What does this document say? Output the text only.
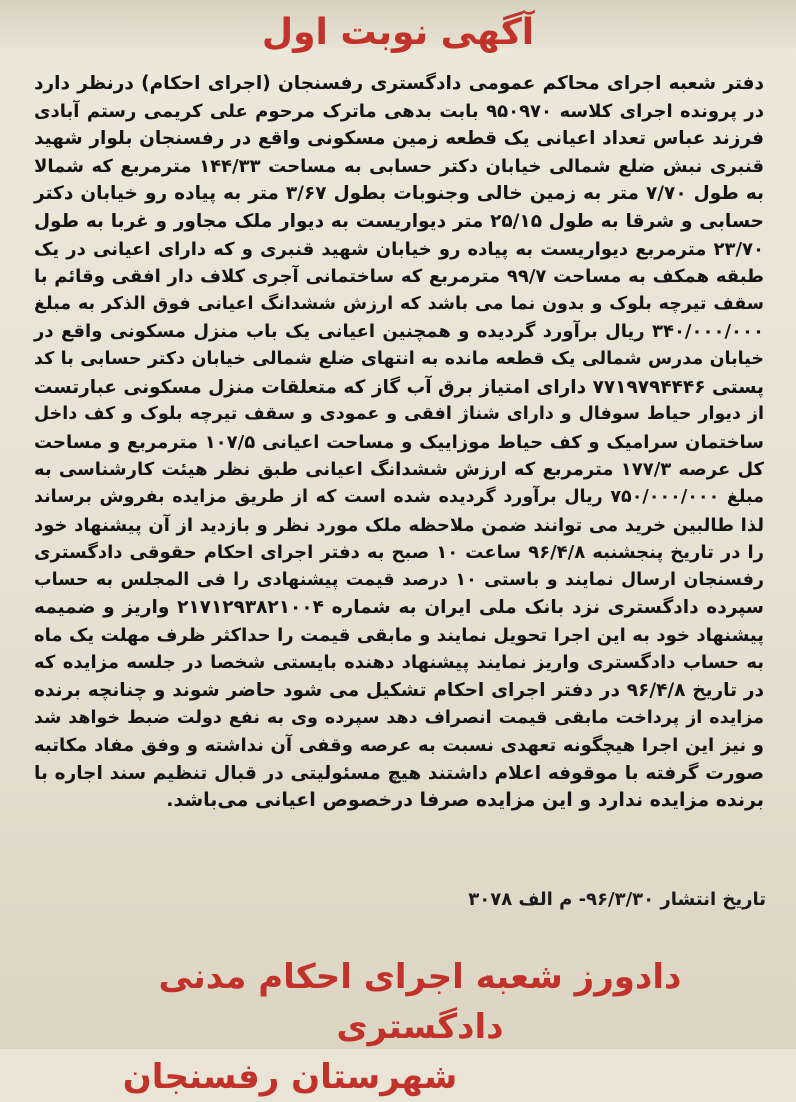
آگهی نوبت اول
دفتر شعبه اجرای محاکم عمومی دادگستری رفسنجان (اجرای احکام) درنظر دارد
در پرونده اجرای کلاسه ۹۵۰۹۷۰ بابت بدهی ماترک مرحوم علی کریمی رستم آبادی
فرزند عباس تعداد اعیانی یک قطعه زمین مسکونی واقع در رفسنجان بلوار شهید
قنبری نبش ضلع شمالی خیابان دکتر حسابی به مساحت ۱۴۴/۳۳ مترمربع که شمالا
به طول ۷/۷۰ متر به زمین خالی وجنوبات بطول ۳/۶۷ متر به پیاده رو خیابان دکتر
حسابی و شرقا به طول ۲۵/۱۵ متر دیواریست به دیوار ملک مجاور و غربا به طول
۲۳/۷۰ مترمربع دیواریست به پیاده رو خیابان شهید قنبری و که دارای اعیانی در یک
طبقه همکف به مساحت ۹۹/۷ مترمربع که ساختمانی آجری کلاف دار افقی وقائم با
سقف تیرچه بلوک و بدون نما می باشد که ارزش ششدانگ اعیانی فوق الذکر به مبلغ
۳۴۰/۰۰۰/۰۰۰ ریال برآورد گردیده و همچنین اعیانی یک باب منزل مسکونی واقع در
خیابان مدرس شمالی یک قطعه مانده به انتهای ضلع شمالی خیابان دکتر حسابی با کد
پستی ۷۷۱۹۷۹۴۴۴۶ دارای امتیاز برق آب گاز که متعلقات منزل مسکونی عبارتست
از دیوار حیاط سوفال و دارای شناژ افقی و عمودی و سقف تیرچه بلوک و کف داخل
ساختمان سرامیک و کف حیاط موزاییک و مساحت اعیانی ۱۰۷/۵ مترمربع و مساحت
کل عرصه ۱۷۷/۳ مترمربع که ارزش ششدانگ اعیانی طبق نظر هیئت کارشناسی به
مبلغ ۷۵۰/۰۰۰/۰۰۰ ریال برآورد گردیده شده است که از طریق مزایده بفروش برساند
لذا طالبین خرید می توانند ضمن ملاحظه ملک مورد نظر و بازدید از آن پیشنهاد خود
را در تاریخ پنجشنبه ۹۶/۴/۸ ساعت ۱۰ صبح به دفتر اجرای احکام حقوقی دادگستری
رفسنجان ارسال نمایند و باستی ۱۰ درصد قیمت پیشنهادی را فی المجلس به حساب
سپرده دادگستری نزد بانک ملی ایران به شماره ۲۱۷۱۲۹۳۸۲۱۰۰۴ واریز و ضمیمه
پیشنهاد خود به این اجرا تحویل نمایند و مابقی قیمت را حداکثر ظرف مهلت یک ماه
به حساب دادگستری واریز نمایند پیشنهاد دهنده بایستی شخصا در جلسه مزایده که
در تاریخ ۹۶/۴/۸ در دفتر اجرای احکام تشکیل می شود حاضر شوند و چنانچه برنده
مزایده از پرداخت مابقی قیمت انصراف دهد سپرده وی به نفع دولت ضبط خواهد شد
و نیز این اجرا هیچگونه تعهدی نسبت به عرصه وقفی آن نداشته و وفق مفاد مکاتبه
صورت گرفته با موقوفه اعلام داشتند هیچ مسئولیتی در قبال تنظیم سند اجاره با
برنده مزایده ندارد و این مزایده صرفا درخصوص اعیانی می‌باشد.
تاریخ انتشار ۹۶/۳/۳۰- م الف ۳۰۷۸
دادورز شعبه اجرای احکام مدنی دادگستری
شهرستان رفسنجان
